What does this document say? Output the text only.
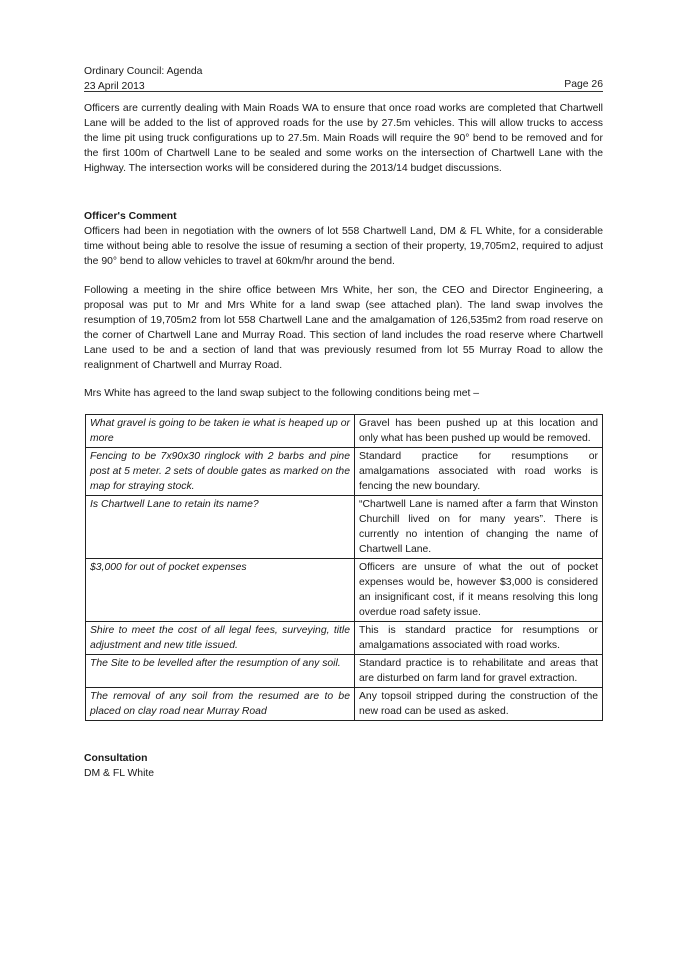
Ordinary Council: Agenda
23 April 2013	Page 26

Officers are currently dealing with Main Roads WA to ensure that once road works are completed that Chartwell Lane will be added to the list of approved roads for the use by 27.5m vehicles. This will allow trucks to access the lime pit using truck configurations up to 27.5m. Main Roads will require the 90° bend to be removed and for the first 100m of Chartwell Lane to be sealed and some works on the intersection of Chartwell Lane with the Highway. The intersection works will be considered during the 2013/14 budget discussions.

Officer's Comment

Officers had been in negotiation with the owners of lot 558 Chartwell Land, DM & FL White, for a considerable time without being able to resolve the issue of resuming a section of their property, 19,705m2, required to adjust the 90° bend to allow vehicles to travel at 60km/hr around the bend.

Following a meeting in the shire office between Mrs White, her son, the CEO and Director Engineering, a proposal was put to Mr and Mrs White for a land swap (see attached plan). The land swap involves the resumption of 19,705m2 from lot 558 Chartwell Lane and the amalgamation of 126,535m2 from road reserve on the corner of Chartwell Lane and Murray Road. This section of land includes the road reserve where Chartwell Lane used to be and a section of land that was previously resumed from lot 55 Murray Road to allow the realignment of Chartwell and Murray Road.

Mrs White has agreed to the land swap subject to the following conditions being met –

What gravel is going to be taken ie what is heaped up or more	Gravel has been pushed up at this location and only what has been pushed up would be removed.
Fencing to be 7x90x30 ringlock with 2 barbs and pine post at 5 meter. 2 sets of double gates as marked on the map for straying stock.	Standard practice for resumptions or amalgamations associated with road works is fencing the new boundary.
Is Chartwell Lane to retain its name?	“Chartwell Lane is named after a farm that Winston Churchill lived on for many years”. There is currently no intention of changing the name of Chartwell Lane.
$3,000 for out of pocket expenses	Officers are unsure of what the out of pocket expenses would be, however $3,000 is considered an insignificant cost, if it means resolving this long overdue road safety issue.
Shire to meet the cost of all legal fees, surveying, title adjustment and new title issued.	This is standard practice for resumptions or amalgamations associated with road works.
The Site to be levelled after the resumption of any soil.	Standard practice is to rehabilitate and areas that are disturbed on farm land for gravel extraction.
The removal of any soil from the resumed are to be placed on clay road near Murray Road	Any topsoil stripped during the construction of the new road can be used as asked.

Consultation

DM & FL White
